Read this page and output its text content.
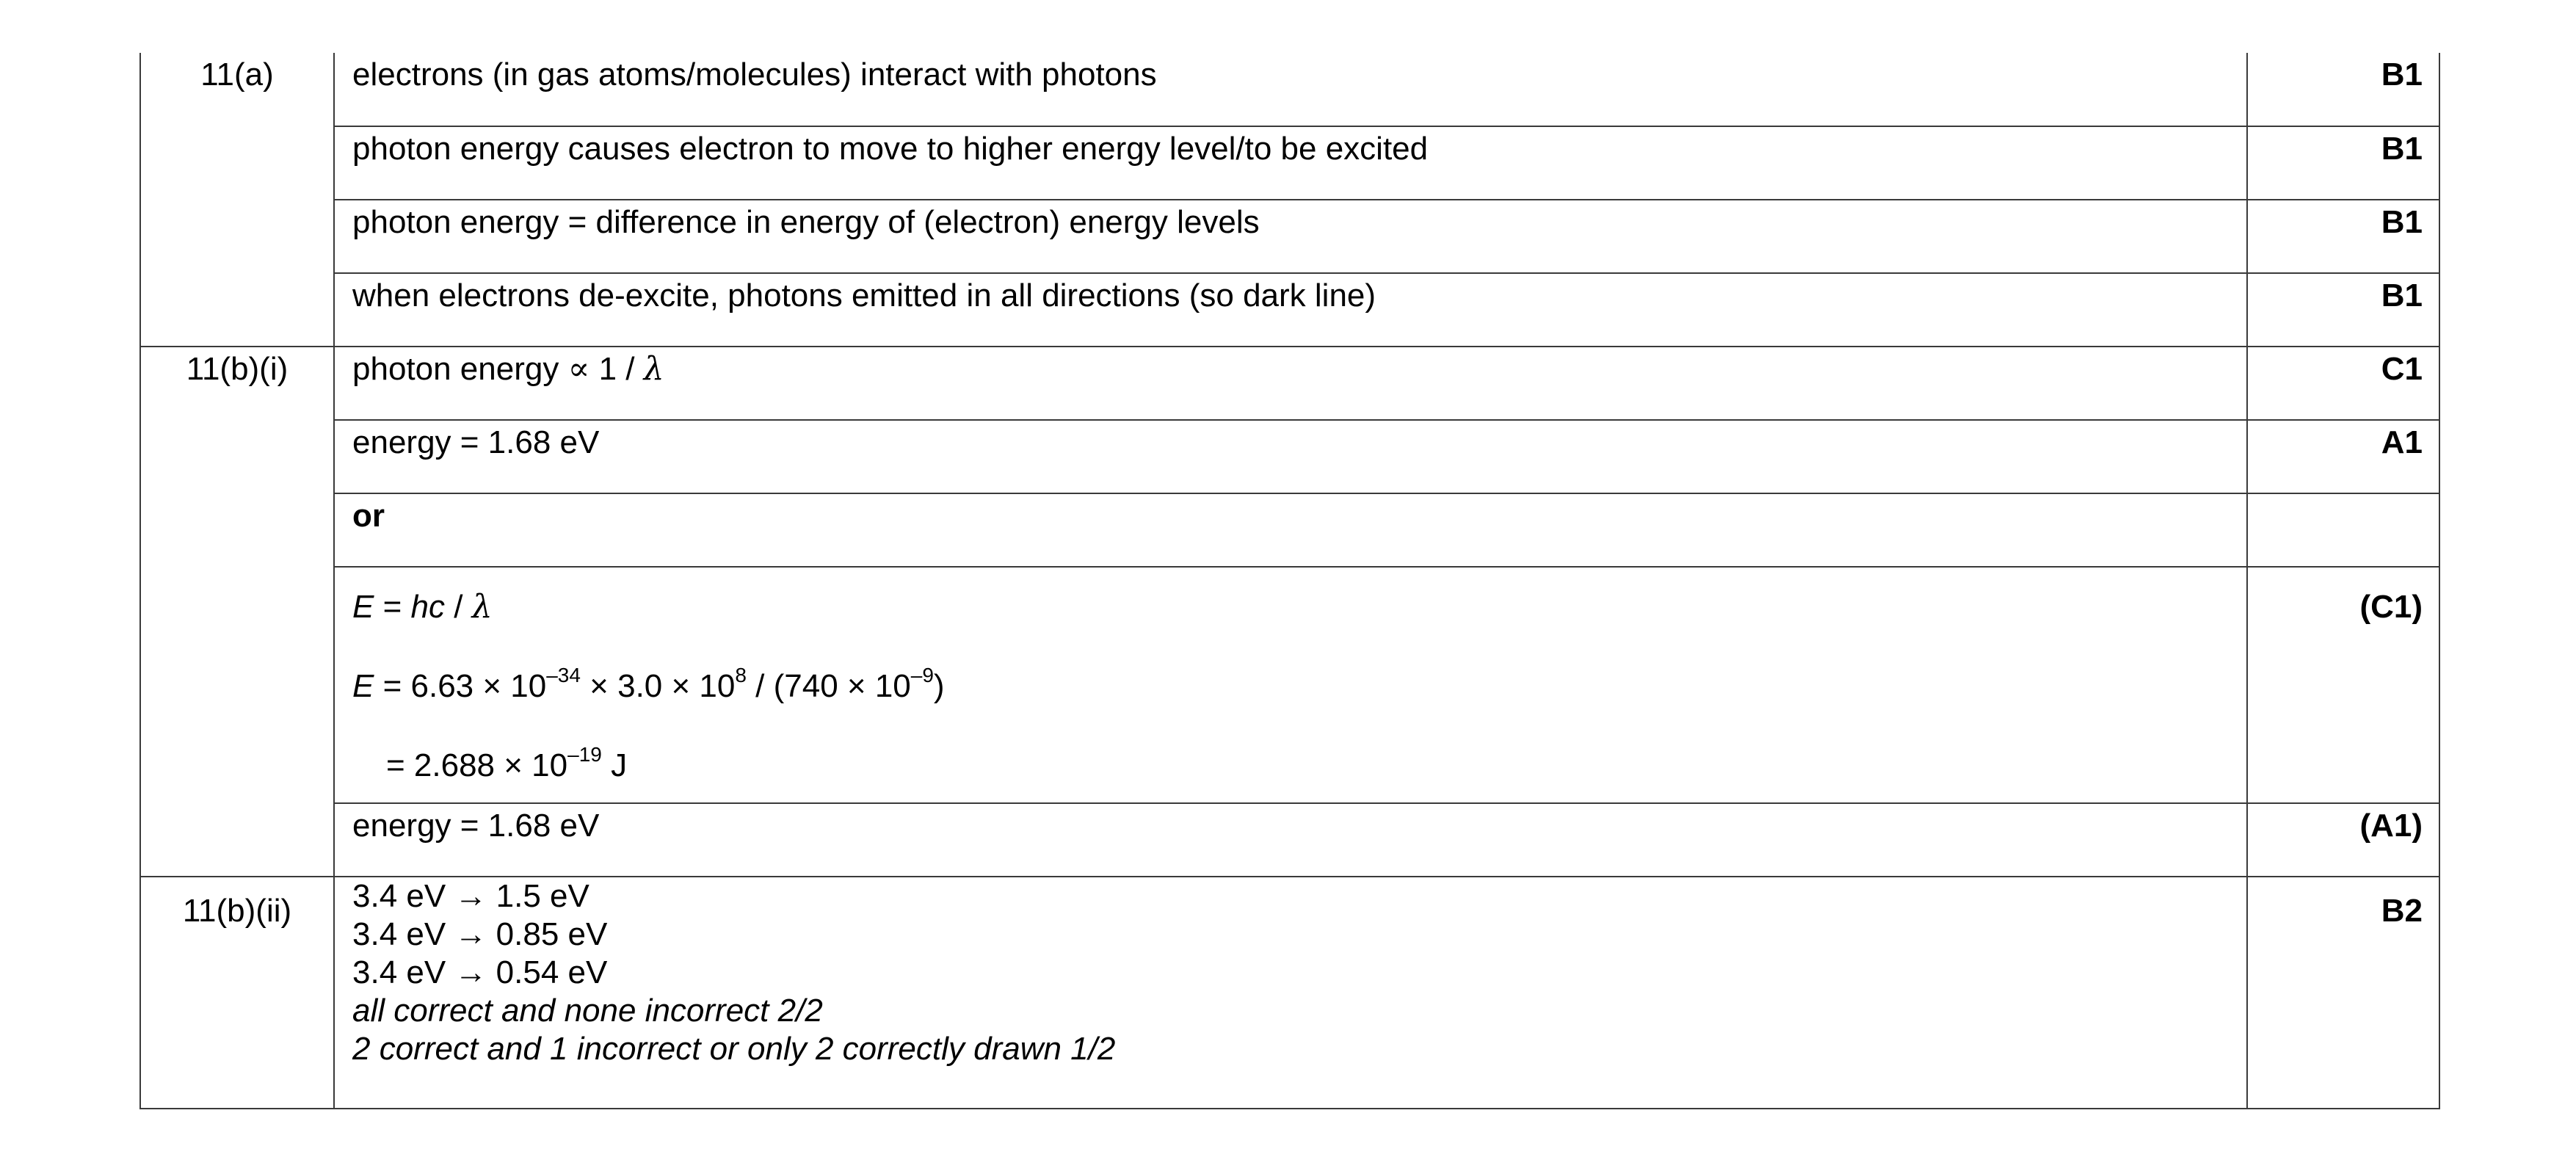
11(a)	electrons (in gas atoms/molecules) interact with photons	B1
	photon energy causes electron to move to higher energy level/to be excited	B1
	photon energy = difference in energy of (electron) energy levels	B1
	when electrons de-excite, photons emitted in all directions (so dark line)	B1
11(b)(i)	photon energy ∝ 1 / λ	C1
	energy = 1.68 eV	A1
	or	

	E = hc / λ
$E = 6.63 \times 10^{-34} \times 3.0 \times 10^8 / (740 \times 10^{-9})$
= $2.688 \times 10^{-19}$ J	(C1)
	energy = 1.68 eV	(A1)
11(b)(ii)	3.4 eV → 1.5 eV
3.4 eV → 0.85 eV
3.4 eV → 0.54 eV
all correct and none incorrect 2/2
2 correct and 1 incorrect or only 2 correctly drawn 1/2	B2
